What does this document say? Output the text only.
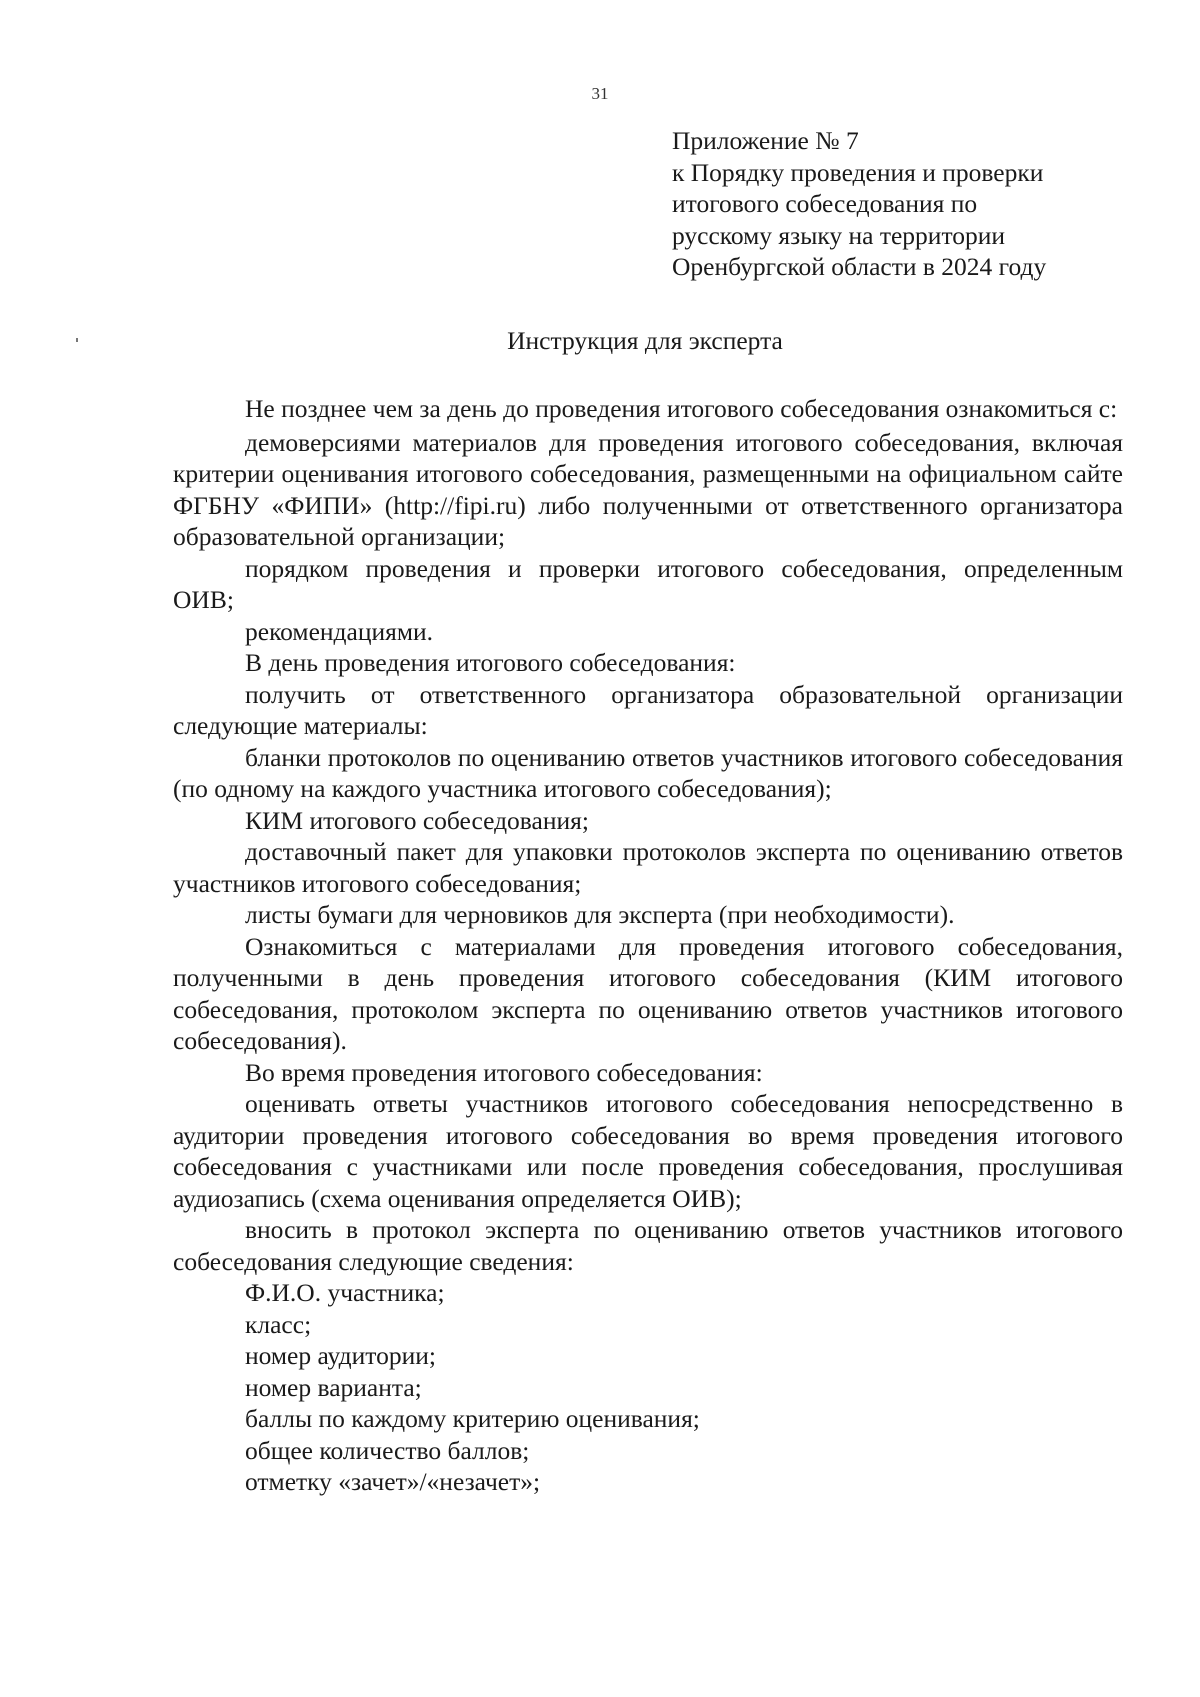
31
Приложение № 7
к Порядку проведения и проверки
итогового собеседования по
русскому языку на территории
Оренбургской области в 2024 году
Инструкция для эксперта

Не позднее чем за день до проведения итогового собеседования ознакомиться с:

демоверсиями материалов для проведения итогового собеседования, включая критерии оценивания итогового собеседования, размещенными на официальном сайте ФГБНУ «ФИПИ» (http://fipi.ru) либо полученными от ответственного организатора образовательной организации;

порядком проведения и проверки итогового собеседования, определенным ОИВ;

рекомендациями.

В день проведения итогового собеседования:

получить от ответственного организатора образовательной организации следующие материалы:

бланки протоколов по оцениванию ответов участников итогового собеседования (по одному на каждого участника итогового собеседования);

КИМ итогового собеседования;

доставочный пакет для упаковки протоколов эксперта по оцениванию ответов участников итогового собеседования;

листы бумаги для черновиков для эксперта (при необходимости).

Ознакомиться с материалами для проведения итогового собеседования, полученными в день проведения итогового собеседования (КИМ итогового собеседования, протоколом эксперта по оцениванию ответов участников итогового собеседования).

Во время проведения итогового собеседования:

оценивать ответы участников итогового собеседования непосредственно в аудитории проведения итогового собеседования во время проведения итогового собеседования с участниками или после проведения собеседования, прослушивая аудиозапись (схема оценивания определяется ОИВ);

вносить в протокол эксперта по оцениванию ответов участников итогового собеседования следующие сведения:

Ф.И.О. участника;

класс;

номер аудитории;

номер варианта;

баллы по каждому критерию оценивания;

общее количество баллов;

отметку «зачет»/«незачет»;
